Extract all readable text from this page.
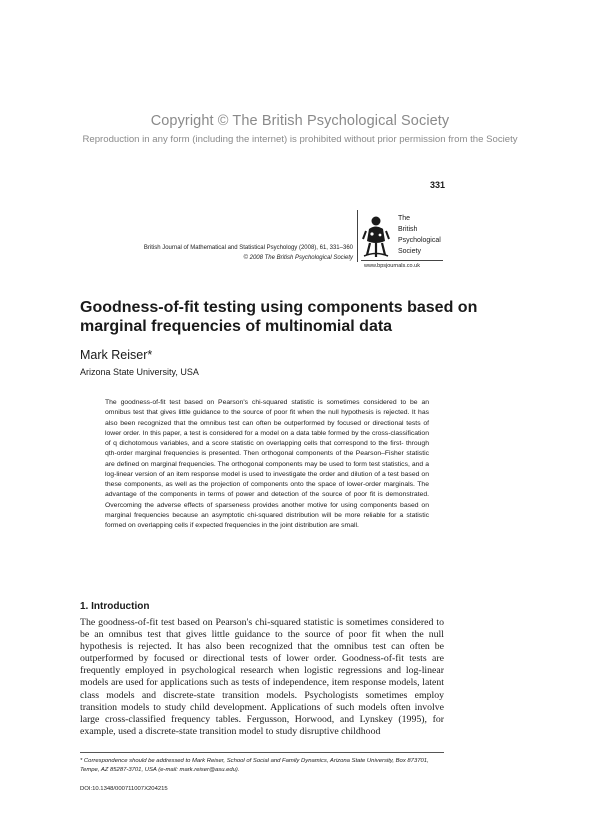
Copyright © The British Psychological Society
Reproduction in any form (including the internet) is prohibited without prior permission from the Society
331
British Journal of Mathematical and Statistical Psychology (2008), 61, 331–360
© 2008 The British Psychological Society
The
British
Psychological
Society
www.bpsjournals.co.uk
Goodness-of-fit testing using components based on marginal frequencies of multinomial data
Mark Reiser*
Arizona State University, USA
The goodness-of-fit test based on Pearson's chi-squared statistic is sometimes considered to be an omnibus test that gives little guidance to the source of poor fit when the null hypothesis is rejected. It has also been recognized that the omnibus test can often be outperformed by focused or directional tests of lower order. In this paper, a test is considered for a model on a data table formed by the cross-classification of q dichotomous variables, and a score statistic on overlapping cells that correspond to the first- through qth-order marginal frequencies is presented. Then orthogonal components of the Pearson–Fisher statistic are defined on marginal frequencies. The orthogonal components may be used to form test statistics, and a log-linear version of an item response model is used to investigate the order and dilution of a test based on these components, as well as the projection of components onto the space of lower-order marginals. The advantage of the components in terms of power and detection of the source of poor fit is demonstrated. Overcoming the adverse effects of sparseness provides another motive for using components based on marginal frequencies because an asymptotic chi-squared distribution will be more reliable for a statistic formed on overlapping cells if expected frequencies in the joint distribution are small.
1. Introduction
The goodness-of-fit test based on Pearson's chi-squared statistic is sometimes considered to be an omnibus test that gives little guidance to the source of poor fit when the null hypothesis is rejected. It has also been recognized that the omnibus test can often be outperformed by focused or directional tests of lower order. Goodness-of-fit tests are frequently employed in psychological research when logistic regressions and log-linear models are used for applications such as tests of independence, item response models, latent class models and discrete-state transition models. Psychologists sometimes employ transition models to study child development. Applications of such models often involve large cross-classified frequency tables. Fergusson, Horwood, and Lynskey (1995), for example, used a discrete-state transition model to study disruptive childhood
* Correspondence should be addressed to Mark Reiser, School of Social and Family Dynamics, Arizona State University, Box 873701, Tempe, AZ 85287-3701, USA (e-mail: mark.reiser@asu.edu).
DOI:10.1348/000711007X204215
